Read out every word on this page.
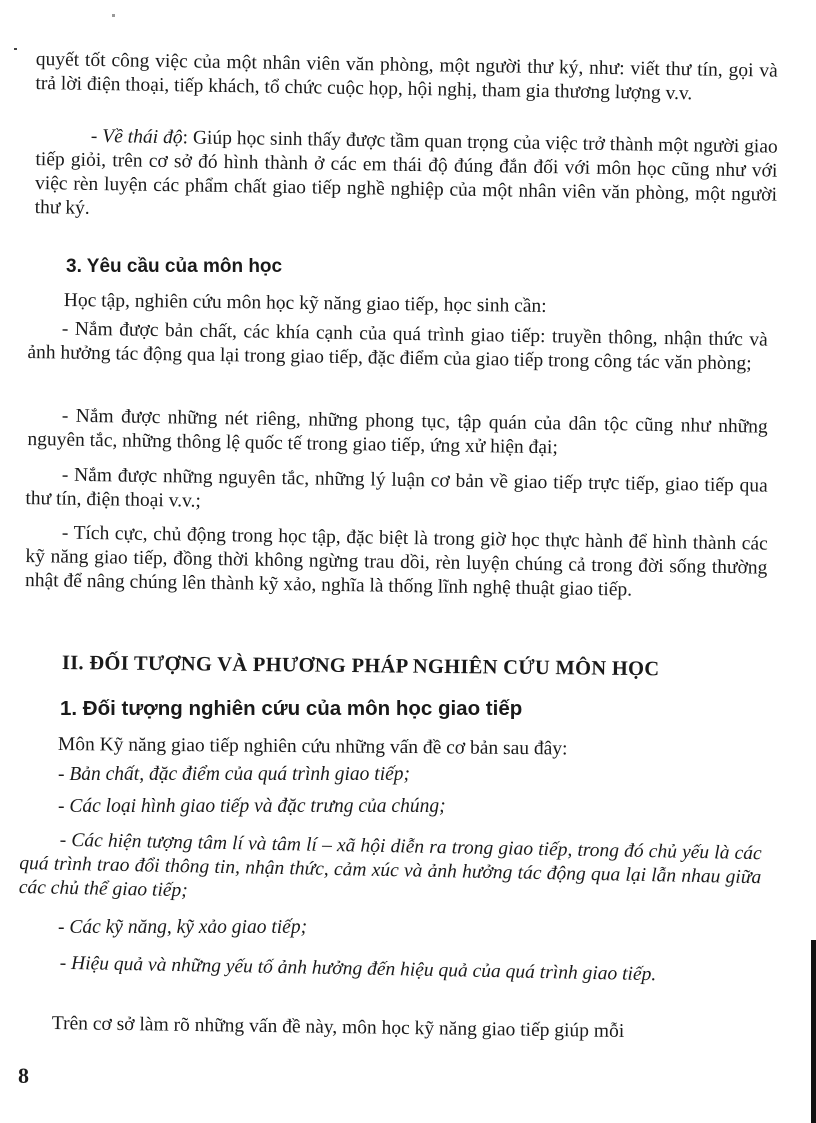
quyết tốt công việc của một nhân viên văn phòng, một người thư ký, như: viết thư tín, gọi và trả lời điện thoại, tiếp khách, tổ chức cuộc họp, hội nghị, tham gia thương lượng v.v.

- Về thái độ: Giúp học sinh thấy được tầm quan trọng của việc trở thành một người giao tiếp giỏi, trên cơ sở đó hình thành ở các em thái độ đúng đắn đối với môn học cũng như với việc rèn luyện các phẩm chất giao tiếp nghề nghiệp của một nhân viên văn phòng, một người thư ký.

3. Yêu cầu của môn học

Học tập, nghiên cứu môn học kỹ năng giao tiếp, học sinh cần:

- Nắm được bản chất, các khía cạnh của quá trình giao tiếp: truyền thông, nhận thức và ảnh hưởng tác động qua lại trong giao tiếp, đặc điểm của giao tiếp trong công tác văn phòng;

- Nắm được những nét riêng, những phong tục, tập quán của dân tộc cũng như những nguyên tắc, những thông lệ quốc tế trong giao tiếp, ứng xử hiện đại;

- Nắm được những nguyên tắc, những lý luận cơ bản về giao tiếp trực tiếp, giao tiếp qua thư tín, điện thoại v.v.;

- Tích cực, chủ động trong học tập, đặc biệt là trong giờ học thực hành để hình thành các kỹ năng giao tiếp, đồng thời không ngừng trau dồi, rèn luyện chúng cả trong đời sống thường nhật để nâng chúng lên thành kỹ xảo, nghĩa là thống lĩnh nghệ thuật giao tiếp.

II. ĐỐI TƯỢNG VÀ PHƯƠNG PHÁP NGHIÊN CỨU MÔN HỌC
1. Đối tượng nghiên cứu của môn học giao tiếp

Môn Kỹ năng giao tiếp nghiên cứu những vấn đề cơ bản sau đây:

- Bản chất, đặc điểm của quá trình giao tiếp;

- Các loại hình giao tiếp và đặc trưng của chúng;

- Các hiện tượng tâm lí và tâm lí – xã hội diễn ra trong giao tiếp, trong đó chủ yếu là các quá trình trao đổi thông tin, nhận thức, cảm xúc và ảnh hưởng tác động qua lại lẫn nhau giữa các chủ thể giao tiếp;

- Các kỹ năng, kỹ xảo giao tiếp;

- Hiệu quả và những yếu tố ảnh hưởng đến hiệu quả của quá trình giao tiếp.

Trên cơ sở làm rõ những vấn đề này, môn học kỹ năng giao tiếp giúp mỗi

8
